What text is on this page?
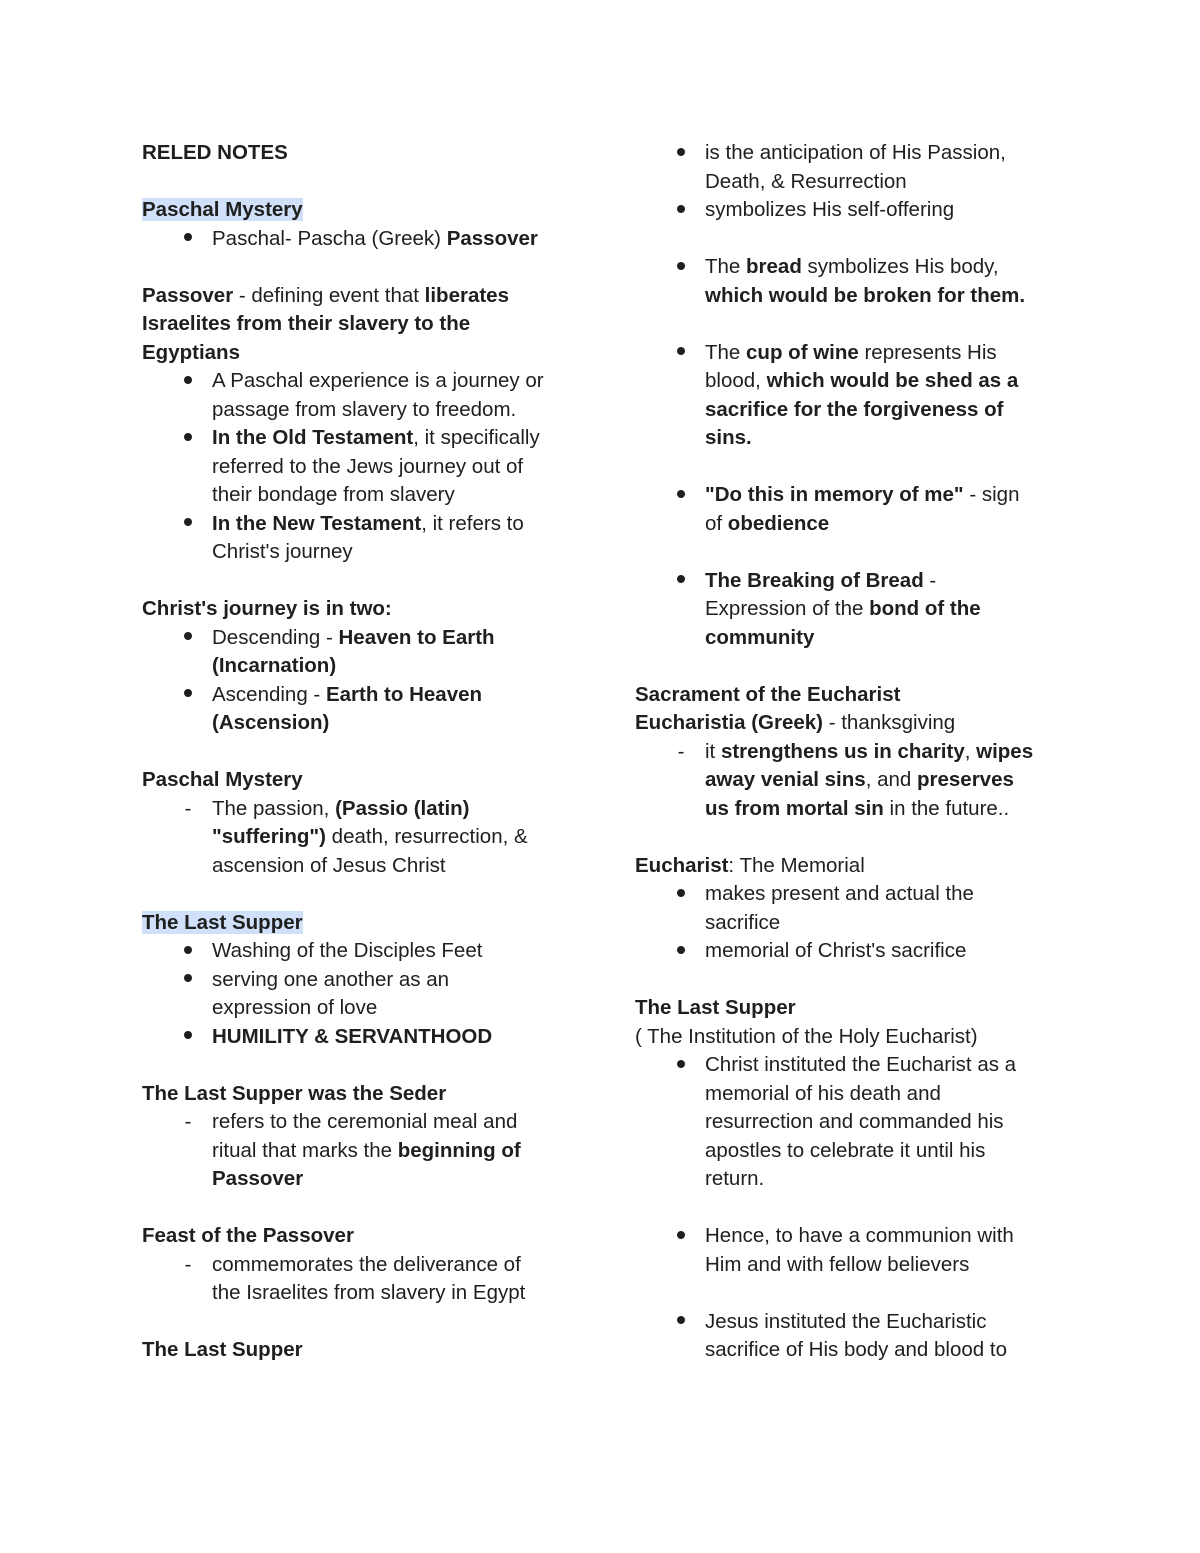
RELED NOTES
Paschal Mystery
Paschal- Pascha (Greek) Passover
Passover - defining event that liberates
Israelites from their slavery to the
Egyptians
A Paschal experience is a journey or
passage from slavery to freedom.
In the Old Testament, it specifically
referred to the Jews journey out of
their bondage from slavery
In the New Testament, it refers to
Christ's journey
Christ's journey is in two:
Descending - Heaven to Earth
(Incarnation)
Ascending - Earth to Heaven
(Ascension)
Paschal Mystery
-
The passion, (Passio (latin)
"suffering") death, resurrection, &
ascension of Jesus Christ
The Last Supper
Washing of the Disciples Feet
serving one another as an
expression of love
HUMILITY & SERVANTHOOD
The Last Supper was the Seder
-
refers to the ceremonial meal and
ritual that marks the beginning of
Passover
Feast of the Passover
-
commemorates the deliverance of
the Israelites from slavery in Egypt
The Last Supper
is the anticipation of His Passion,
Death, & Resurrection
symbolizes His self-offering
The bread symbolizes His body,
which would be broken for them.
The cup of wine represents His
blood, which would be shed as a
sacrifice for the forgiveness of
sins.
"Do this in memory of me" - sign
of obedience
The Breaking of Bread -
Expression of the bond of the
community
Sacrament of the Eucharist
Eucharistia (Greek) - thanksgiving
-
it strengthens us in charity, wipes
away venial sins, and preserves
us from mortal sin in the future..
Eucharist: The Memorial
makes present and actual the
sacrifice
memorial of Christ's sacrifice
The Last Supper
( The Institution of the Holy Eucharist)
Christ instituted the Eucharist as a
memorial of his death and
resurrection and commanded his
apostles to celebrate it until his
return.
Hence, to have a communion with
Him and with fellow believers
Jesus instituted the Eucharistic
sacrifice of His body and blood to
